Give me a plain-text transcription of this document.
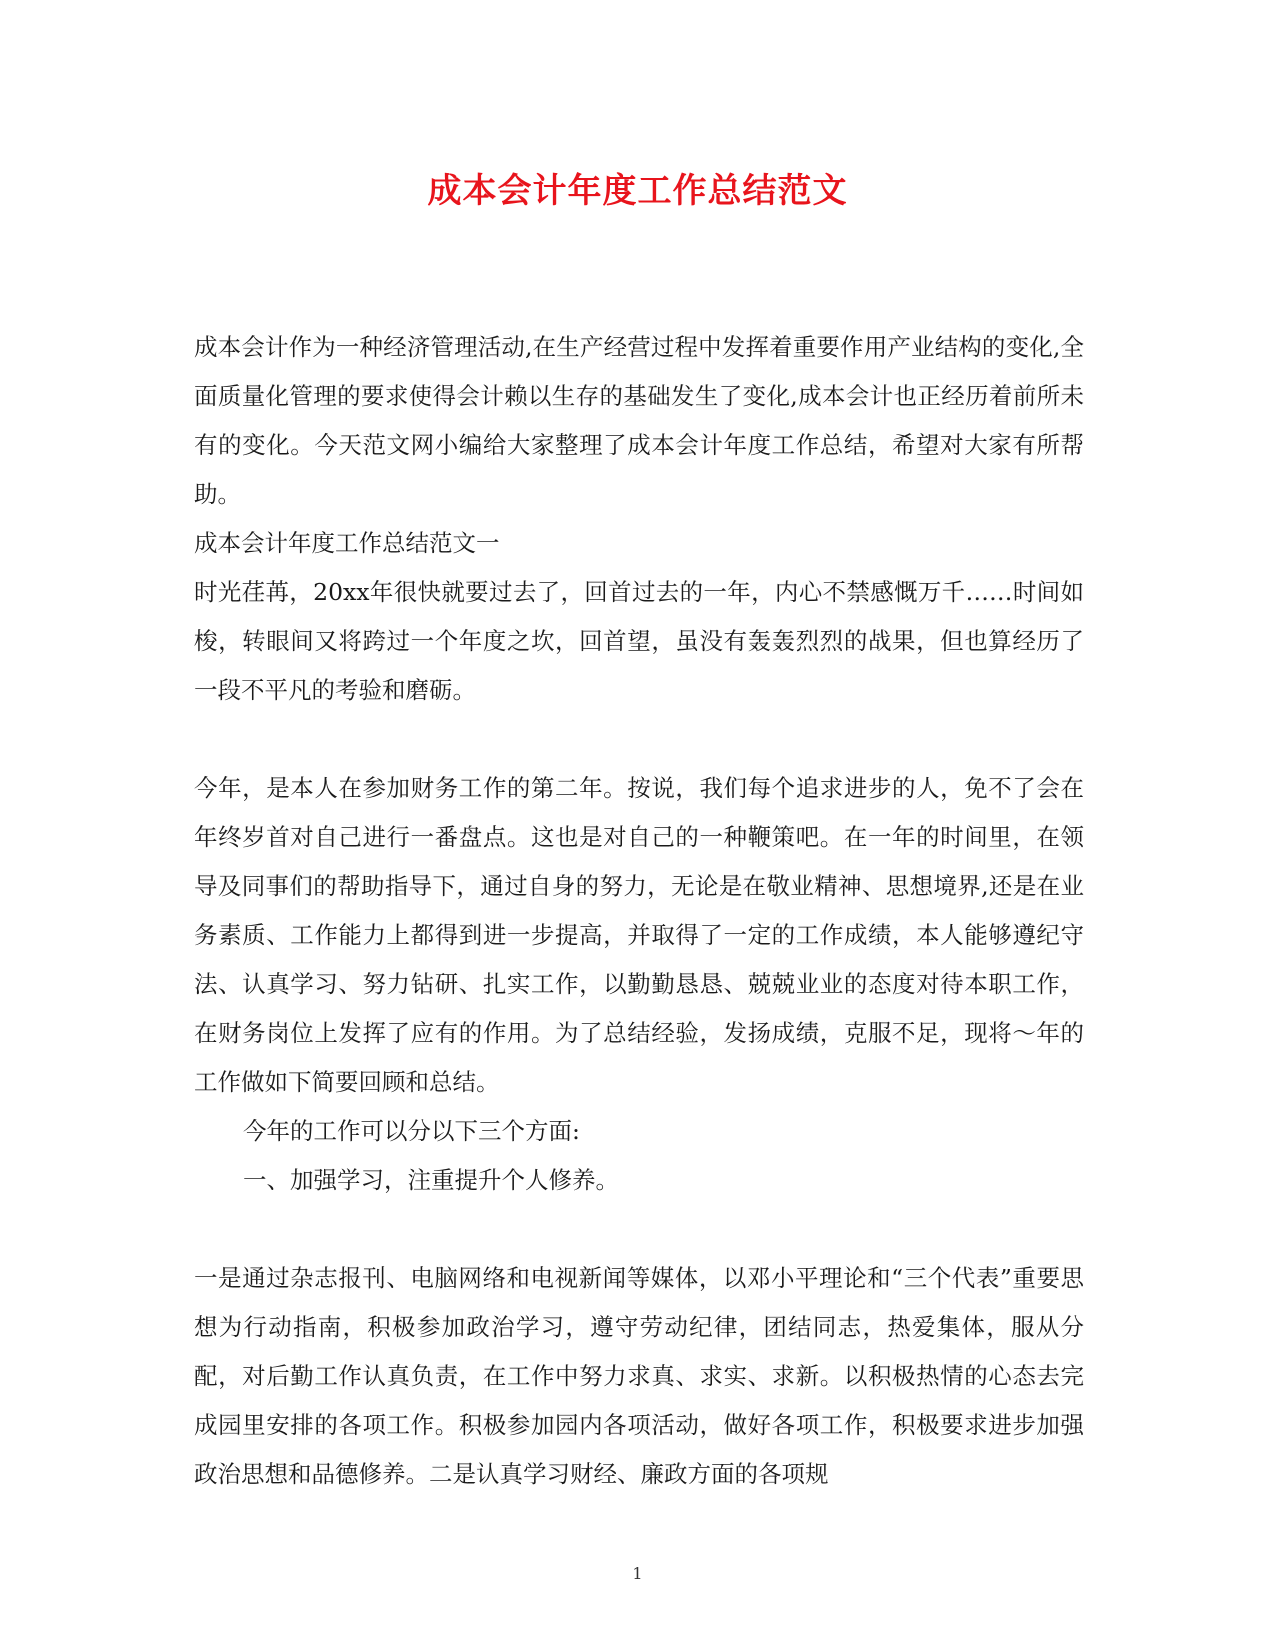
成本会计年度工作总结范文

成本会计作为一种经济管理活动,在生产经营过程中发挥着重要作用产业结构的变化,全面质量化管理的要求使得会计赖以生存的基础发生了变化,成本会计也正经历着前所未有的变化。今天范文网小编给大家整理了成本会计年度工作总结，希望对大家有所帮助。

成本会计年度工作总结范文一

时光荏苒，20xx年很快就要过去了，回首过去的一年，内心不禁感慨万千……时间如梭，转眼间又将跨过一个年度之坎，回首望，虽没有轰轰烈烈的战果，但也算经历了一段不平凡的考验和磨砺。

今年，是本人在参加财务工作的第二年。按说，我们每个追求进步的人，免不了会在年终岁首对自己进行一番盘点。这也是对自己的一种鞭策吧。在一年的时间里，在领导及同事们的帮助指导下，通过自身的努力，无论是在敬业精神、思想境界,还是在业务素质、工作能力上都得到进一步提高，并取得了一定的工作成绩，本人能够遵纪守法、认真学习、努力钻研、扎实工作，以勤勤恳恳、兢兢业业的态度对待本职工作，在财务岗位上发挥了应有的作用。为了总结经验，发扬成绩，克服不足，现将～年的工作做如下简要回顾和总结。

今年的工作可以分以下三个方面:

一、加强学习，注重提升个人修养。

一是通过杂志报刊、电脑网络和电视新闻等媒体，以邓小平理论和“三个代表”重要思想为行动指南，积极参加政治学习，遵守劳动纪律，团结同志，热爱集体，服从分配，对后勤工作认真负责，在工作中努力求真、求实、求新。以积极热情的心态去完成园里安排的各项工作。积极参加园内各项活动，做好各项工作，积极要求进步加强政治思想和品德修养。二是认真学习财经、廉政方面的各项规

1
